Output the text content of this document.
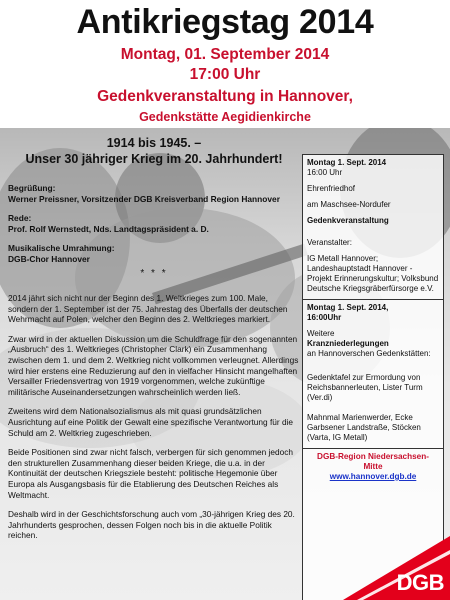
Antikriegstag 2014
Montag, 01. September 2014
17:00 Uhr
Gedenkveranstaltung in Hannover,
Gedenkstätte Aegidienkirche
1914 bis 1945. –
Unser 30 jähriger Krieg im 20. Jahrhundert!
Begrüßung:
Werner Preissner, Vorsitzender DGB Kreisverband Region Hannover
Rede:
Prof. Rolf Wernstedt, Nds. Landtagspräsident a. D.
Musikalische Umrahmung:
DGB-Chor Hannover
* * *
2014 jährt sich nicht nur der Beginn des 1. Weltkrieges zum 100. Male, sondern der 1. September ist der 75. Jahrestag des Überfalls der deutschen Wehrmacht auf Polen, welcher den Beginn des 2. Weltkrieges markiert.
Zwar wird in der aktuellen Diskussion um die Schuldfrage für den sogenannten „Ausbruch“ des 1. Weltkrieges (Christopher Clark) ein Zusammenhang zwischen dem 1. und dem 2. Weltkrieg nicht vollkommen verleugnet. Allerdings wird hier erstens eine Reduzierung auf den in vielfacher Hinsicht mangelhaften Versailler Friedensvertrag von 1919 vorgenommen, welche zukünftige militärische Auseinandersetzungen wahrscheinlich werden ließ.
Zweitens wird dem Nationalsozialismus als mit quasi grundsätzlichen Ausrichtung auf eine Politik der Gewalt eine spezifische Verantwortung für die Schuld am 2. Weltkrieg zugeschrieben.
Beide Positionen sind zwar nicht falsch, verbergen für sich genommen jedoch den strukturellen Zusammenhang dieser beiden Kriege, die u.a. in der Kontinuität der deutschen Kriegsziele besteht: politische Hegemonie über Europa als Ausgangsbasis für die Etablierung des Deutschen Reiches als Weltmacht.
Deshalb wird in der Geschichtsforschung auch vom „30-jährigen Krieg des 20. Jahrhunderts gesprochen, dessen Folgen noch bis in die aktuelle Politik reichen.
Montag 1. Sept. 2014
16:00 Uhr
Ehrenfriedhof
am Maschsee-Nordufer
Gedenkveranstaltung
Veranstalter:
IG Metall Hannover; Landeshauptstadt Hannover - Projekt Erinnerungskultur; Volksbund Deutsche Kriegsgräberfürsorge e.V.
Montag 1. Sept. 2014,
16:00Uhr
Weitere
Kranzniederlegungen
an Hannoverschen Gedenkstätten:
Gedenktafel zur Ermordung von Reichsbannerleuten, Lister Turm (Ver.di)
Mahnmal Marienwerder, Ecke Garbsener Landstraße, Stöcken (Varta, IG Metall)
DGB-Region Niedersachsen-
Mitte
www.hannover.dgb.de
DGB
